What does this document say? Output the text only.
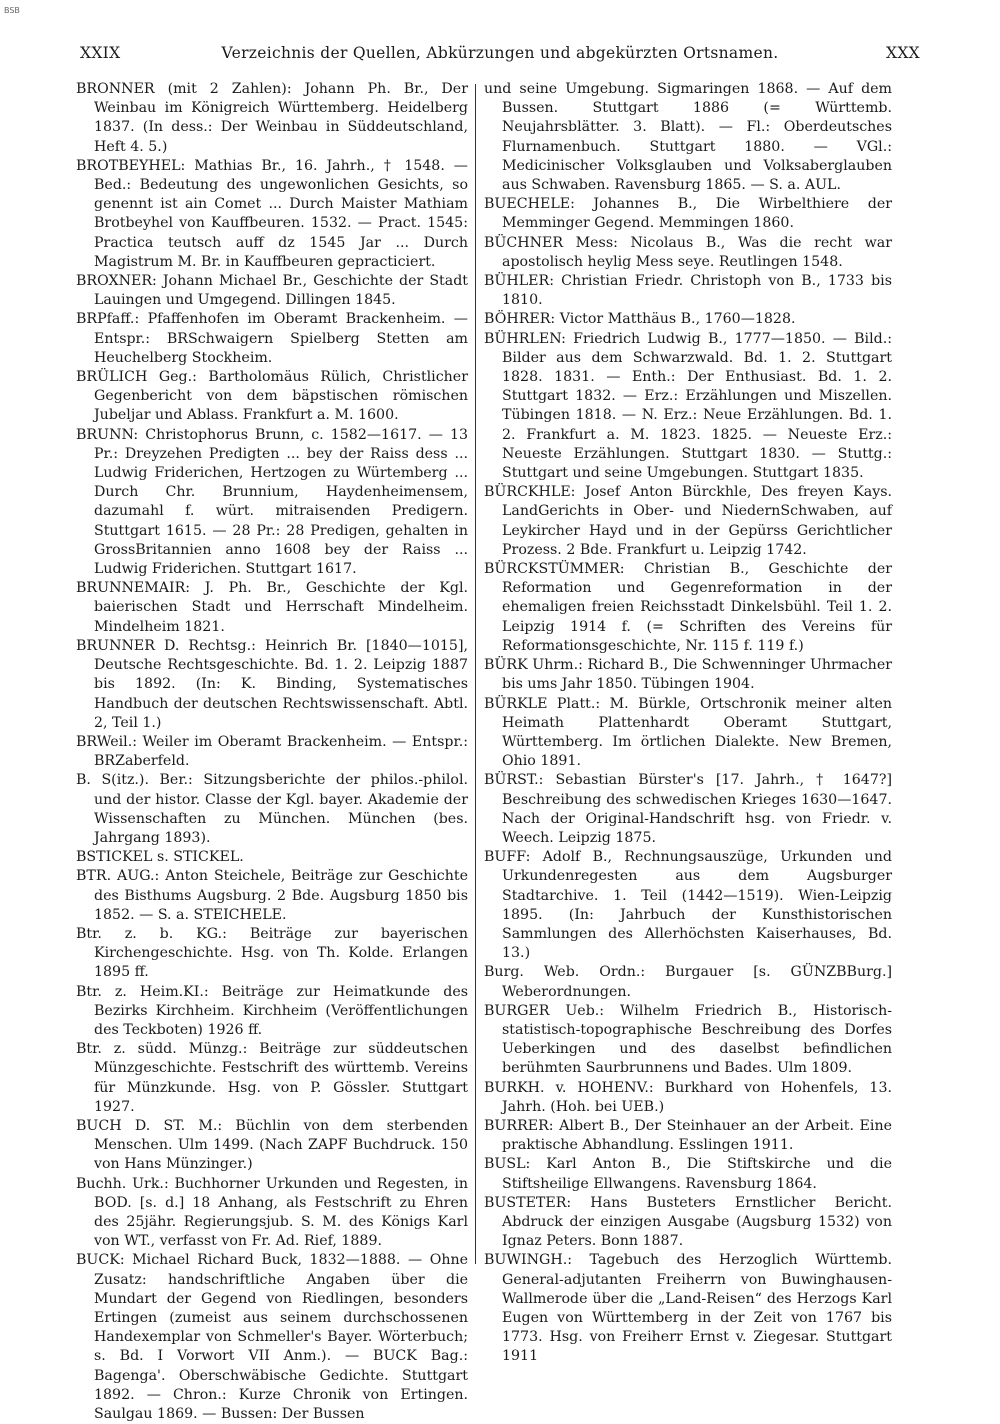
BSB
XXIX	Verzeichnis der Quellen, Abkürzungen und abgekürzten Ortsnamen.	XXX

BRONNER (mit 2 Zahlen): Johann Ph. Br., Der Weinbau im Königreich Württemberg. Heidelberg 1837. (In dess.: Der Weinbau in Süddeutschland, Heft 4. 5.)

BROTBEYHEL: Mathias Br., 16. Jahrh., † 1548. — Bed.: Bedeutung des ungewonlichen Gesichts, so genennt ist ain Comet ... Durch Maister Mathiam Brotbeyhel von Kauffbeuren. 1532. — Pract. 1545: Practica teutsch auff dz 1545 Jar ... Durch Magistrum M. Br. in Kauffbeuren gepracticiert.

BROXNER: Johann Michael Br., Geschichte der Stadt Lauingen und Umgegend. Dillingen 1845.

BRPfaff.: Pfaffenhofen im Oberamt Brackenheim. — Entspr.: BRSchwaigern Spielberg Stetten am Heuchelberg Stockheim.

BRÜLICH Geg.: Bartholomäus Rülich, Christlicher Gegenbericht von dem bäpstischen römischen Jubeljar und Ablass. Frankfurt a. M. 1600.

BRUNN: Christophorus Brunn, c. 1582—1617. — 13 Pr.: Dreyzehen Predigten ... bey der Raiss dess ... Ludwig Friderichen, Hertzogen zu Würtemberg ... Durch Chr. Brunnium, Haydenheimensem, dazumahl f. würt. mitraisenden Predigern. Stuttgart 1615. — 28 Pr.: 28 Predigen, gehalten in GrossBritannien anno 1608 bey der Raiss ... Ludwig Friderichen. Stuttgart 1617.

BRUNNEMAIR: J. Ph. Br., Geschichte der Kgl. baierischen Stadt und Herrschaft Mindelheim. Mindelheim 1821.

BRUNNER D. Rechtsg.: Heinrich Br. [1840—1015], Deutsche Rechtsgeschichte. Bd. 1. 2. Leipzig 1887 bis 1892. (In: K. Binding, Systematisches Handbuch der deutschen Rechtswissenschaft. Abtl. 2, Teil 1.)

BRWeil.: Weiler im Oberamt Brackenheim. — Entspr.: BRZaberfeld.

B. S(itz.). Ber.: Sitzungsberichte der philos.-philol. und der histor. Classe der Kgl. bayer. Akademie der Wissenschaften zu München. München (bes. Jahrgang 1893).

BSTICKEL s. STICKEL.

BTR. AUG.: Anton Steichele, Beiträge zur Geschichte des Bisthums Augsburg. 2 Bde. Augsburg 1850 bis 1852. — S. a. STEICHELE.

Btr. z. b. KG.: Beiträge zur bayerischen Kirchengeschichte. Hsg. von Th. Kolde. Erlangen 1895 ff.

Btr. z. Heim.KI.: Beiträge zur Heimatkunde des Bezirks Kirchheim. Kirchheim (Veröffentlichungen des Teckboten) 1926 ff.

Btr. z. südd. Münzg.: Beiträge zur süddeutschen Münzgeschichte. Festschrift des württemb. Vereins für Münzkunde. Hsg. von P. Gössler. Stuttgart 1927.

BUCH D. ST. M.: Büchlin von dem sterbenden Menschen. Ulm 1499. (Nach ZAPF Buchdruck. 150 von Hans Münzinger.)

Buchh. Urk.: Buchhorner Urkunden und Regesten, in BOD. [s. d.] 18 Anhang, als Festschrift zu Ehren des 25jähr. Regierungsjub. S. M. des Königs Karl von WT., verfasst von Fr. Ad. Rief, 1889.

BUCK: Michael Richard Buck, 1832—1888. — Ohne Zusatz: handschriftliche Angaben über die Mundart der Gegend von Riedlingen, besonders Ertingen (zumeist aus seinem durchschossenen Handexemplar von Schmeller's Bayer. Wörterbuch; s. Bd. I Vorwort VII Anm.). — BUCK Bag.: Bagenga'. Oberschwäbische Gedichte. Stuttgart 1892. — Chron.: Kurze Chronik von Ertingen. Saulgau 1869. — Bussen: Der Bussen

und seine Umgebung. Sigmaringen 1868. — Auf dem Bussen. Stuttgart 1886 (= Württemb. Neujahrsblätter. 3. Blatt). — Fl.: Oberdeutsches Flurnamenbuch. Stuttgart 1880. — VGl.: Medicinischer Volksglauben und Volksaberglauben aus Schwaben. Ravensburg 1865. — S. a. AUL.

BUECHELE: Johannes B., Die Wirbelthiere der Memminger Gegend. Memmingen 1860.

BÜCHNER Mess: Nicolaus B., Was die recht war apostolisch heylig Mess seye. Reutlingen 1548.

BÜHLER: Christian Friedr. Christoph von B., 1733 bis 1810.

BÖHRER: Victor Matthäus B., 1760—1828.

BÜHRLEN: Friedrich Ludwig B., 1777—1850. — Bild.: Bilder aus dem Schwarzwald. Bd. 1. 2. Stuttgart 1828. 1831. — Enth.: Der Enthusiast. Bd. 1. 2. Stuttgart 1832. — Erz.: Erzählungen und Miszellen. Tübingen 1818. — N. Erz.: Neue Erzählungen. Bd. 1. 2. Frankfurt a. M. 1823. 1825. — Neueste Erz.: Neueste Erzählungen. Stuttgart 1830. — Stuttg.: Stuttgart und seine Umgebungen. Stuttgart 1835.

BÜRCKHLE: Josef Anton Bürckhle, Des freyen Kays. LandGerichts in Ober- und NiedernSchwaben, auf Leykircher Hayd und in der Gepürss Gerichtlicher Prozess. 2 Bde. Frankfurt u. Leipzig 1742.

BÜRCKSTÜMMER: Christian B., Geschichte der Reformation und Gegenreformation in der ehemaligen freien Reichsstadt Dinkelsbühl. Teil 1. 2. Leipzig 1914 f. (= Schriften des Vereins für Reformationsgeschichte, Nr. 115 f. 119 f.)

BÜRK Uhrm.: Richard B., Die Schwenninger Uhrmacher bis ums Jahr 1850. Tübingen 1904.

BÜRKLE Platt.: M. Bürkle, Ortschronik meiner alten Heimath Plattenhardt Oberamt Stuttgart, Württemberg. Im örtlichen Dialekte. New Bremen, Ohio 1891.

BÜRST.: Sebastian Bürster's [17. Jahrh., † 1647?] Beschreibung des schwedischen Krieges 1630—1647. Nach der Original-Handschrift hsg. von Friedr. v. Weech. Leipzig 1875.

BUFF: Adolf B., Rechnungsauszüge, Urkunden und Urkundenregesten aus dem Augsburger Stadtarchive. 1. Teil (1442—1519). Wien-Leipzig 1895. (In: Jahrbuch der Kunsthistorischen Sammlungen des Allerhöchsten Kaiserhauses, Bd. 13.)

Burg. Web. Ordn.: Burgauer [s. GÜNZBBurg.] Weberordnungen.

BURGER Ueb.: Wilhelm Friedrich B., Historisch-statistisch-topographische Beschreibung des Dorfes Ueberkingen und des daselbst befindlichen berühmten Saurbrunnens und Bades. Ulm 1809.

BURKH. v. HOHENV.: Burkhard von Hohenfels, 13. Jahrh. (Hoh. bei UEB.)

BURRER: Albert B., Der Steinhauer an der Arbeit. Eine praktische Abhandlung. Esslingen 1911.

BUSL: Karl Anton B., Die Stiftskirche und die Stiftsheilige Ellwangens. Ravensburg 1864.

BUSTETER: Hans Busteters Ernstlicher Bericht. Abdruck der einzigen Ausgabe (Augsburg 1532) von Ignaz Peters. Bonn 1887.

BUWINGH.: Tagebuch des Herzoglich Württemb. General-adjutanten Freiherrn von Buwinghausen-Wallmerode über die „Land-Reisen“ des Herzogs Karl Eugen von Württemberg in der Zeit von 1767 bis 1773. Hsg. von Freiherr Ernst v. Ziegesar. Stuttgart 1911
